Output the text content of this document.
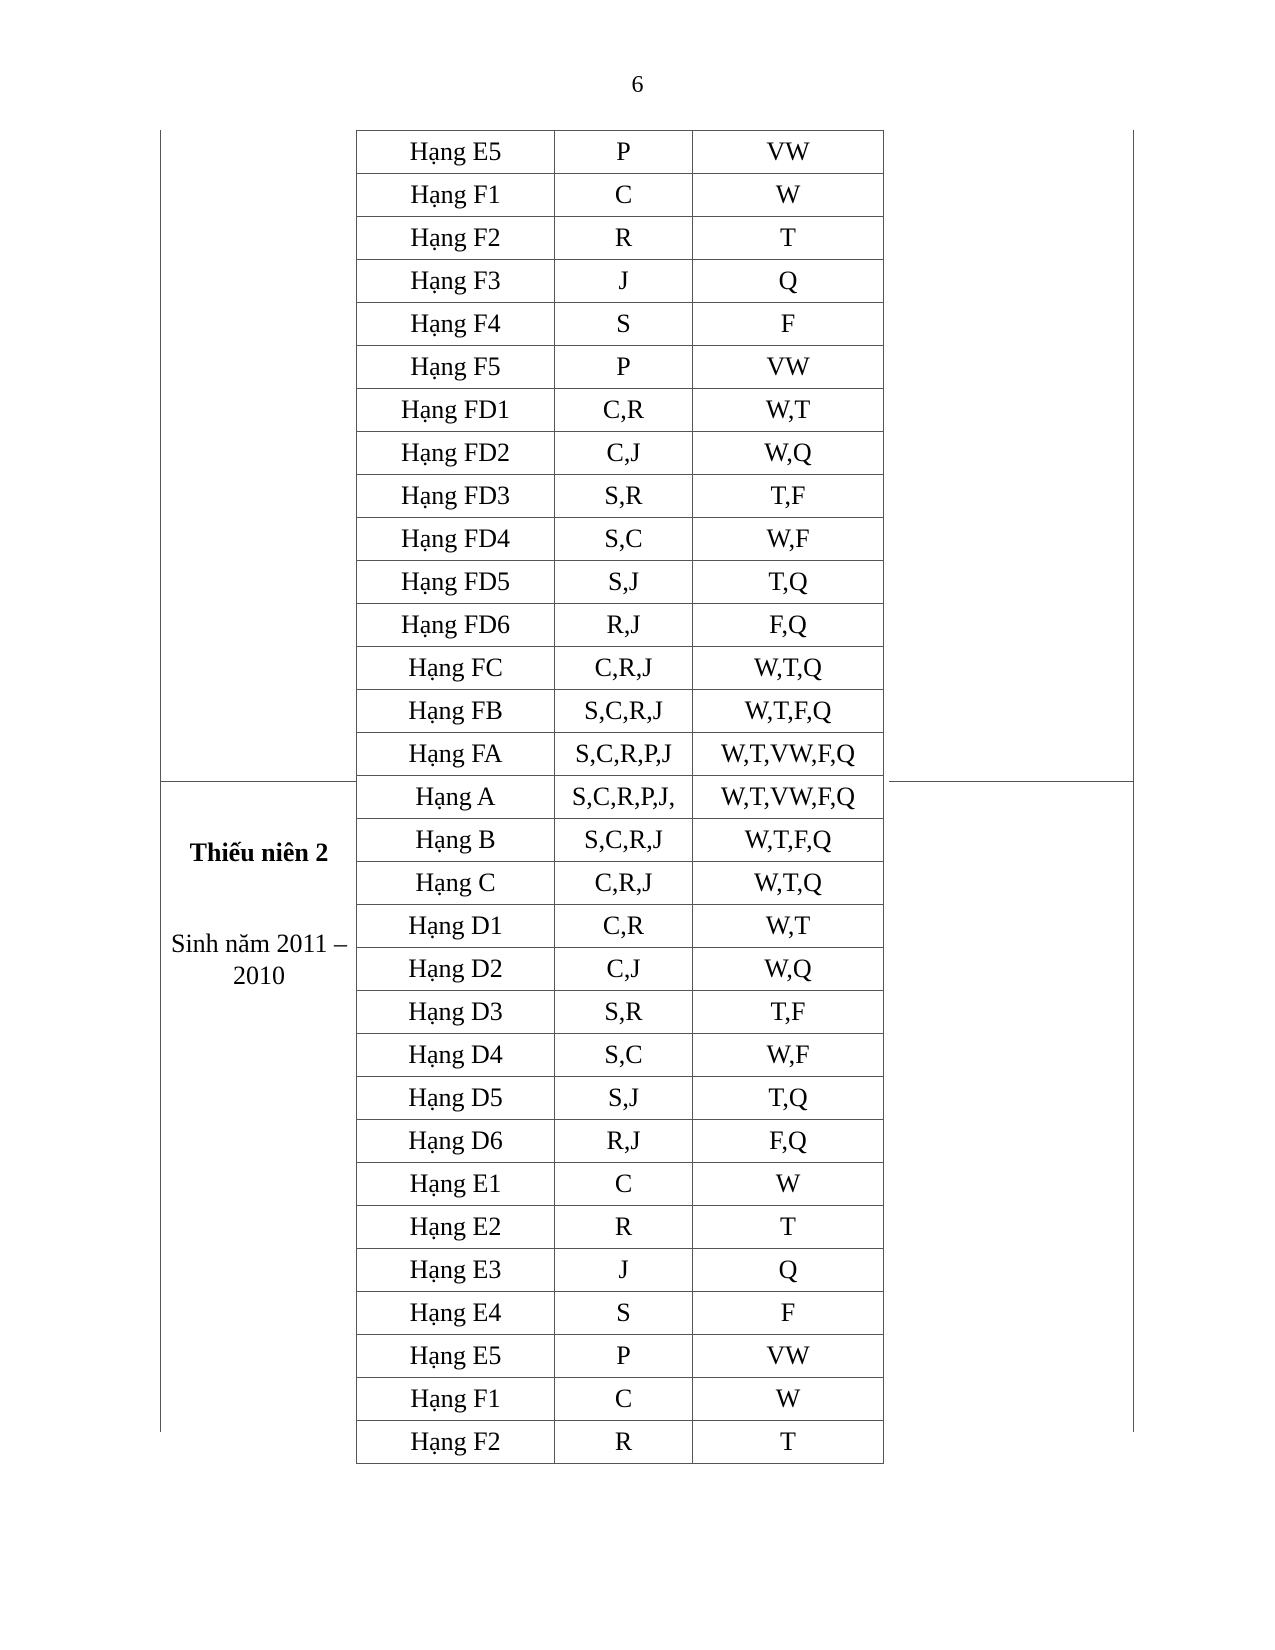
6
Thiếu niên 2
Sinh năm 2011 – 2010
Hạng E5	P	VW
Hạng F1	C	W
Hạng F2	R	T
Hạng F3	J	Q
Hạng F4	S	F
Hạng F5	P	VW
Hạng FD1	C,R	W,T
Hạng FD2	C,J	W,Q
Hạng FD3	S,R	T,F
Hạng FD4	S,C	W,F
Hạng FD5	S,J	T,Q
Hạng FD6	R,J	F,Q
Hạng FC	C,R,J	W,T,Q
Hạng FB	S,C,R,J	W,T,F,Q
Hạng FA	S,C,R,P,J	W,T,VW,F,Q
Hạng A	S,C,R,P,J,	W,T,VW,F,Q
Hạng B	S,C,R,J	W,T,F,Q
Hạng C	C,R,J	W,T,Q
Hạng D1	C,R	W,T
Hạng D2	C,J	W,Q
Hạng D3	S,R	T,F
Hạng D4	S,C	W,F
Hạng D5	S,J	T,Q
Hạng D6	R,J	F,Q
Hạng E1	C	W
Hạng E2	R	T
Hạng E3	J	Q
Hạng E4	S	F
Hạng E5	P	VW
Hạng F1	C	W
Hạng F2	R	T
